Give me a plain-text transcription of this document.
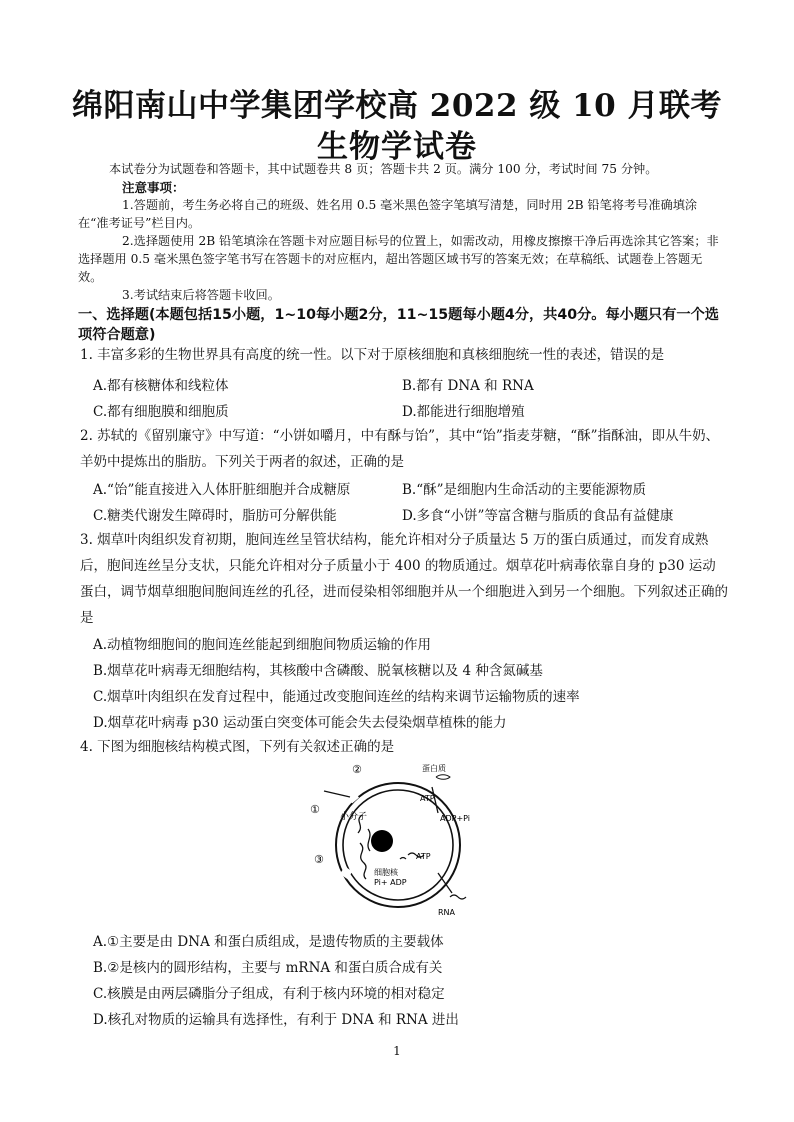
绵阳南山中学集团学校高 2022 级 10 月联考
生物学试卷
本试卷分为试题卷和答题卡，其中试题卷共 8 页；答题卡共 2 页。满分 100 分，考试时间 75 分钟。
注意事项：
1.答题前，考生务必将自己的班级、姓名用 0.5 毫米黑色签字笔填写清楚，同时用 2B 铅笔将考号准确填涂在“准考证号”栏目内。
2.选择题使用 2B 铅笔填涂在答题卡对应题目标号的位置上，如需改动，用橡皮擦擦干净后再选涂其它答案；非选择题用 0.5 毫米黑色签字笔书写在答题卡的对应框内，超出答题区域书写的答案无效；在草稿纸、试题卷上答题无效。
3.考试结束后将答题卡收回。
一、选择题(本题包括15小题，1~10每小题2分，11~15题每小题4分，共40分。每小题只有一个选项符合题意)
1. 丰富多彩的生物世界具有高度的统一性。以下对于原核细胞和真核细胞统一性的表述，错误的是
A.都有核糖体和线粒体	B.都有 DNA 和 RNA
C.都有细胞膜和细胞质	D.都能进行细胞增殖
2. 苏轼的《留别廉守》中写道：“小饼如嚼月，中有酥与饴”，其中“饴”指麦芽糖，“酥”指酥油，即从牛奶、羊奶中提炼出的脂肪。下列关于两者的叙述，正确的是
A.“饴”能直接进入人体肝脏细胞并合成糖原	B.“酥”是细胞内生命活动的主要能源物质
C.糖类代谢发生障碍时，脂肪可分解供能	D.多食“小饼”等富含糖与脂质的食品有益健康
3. 烟草叶肉组织发育初期，胞间连丝呈管状结构，能允许相对分子质量达 5 万的蛋白质通过，而发育成熟后，胞间连丝呈分支状，只能允许相对分子质量小于 400 的物质通过。烟草花叶病毒依靠自身的 p30 运动蛋白，调节烟草细胞间胞间连丝的孔径，进而侵染相邻细胞并从一个细胞进入到另一个细胞。下列叙述正确的是
A.动植物细胞间的胞间连丝能起到细胞间物质运输的作用
B.烟草花叶病毒无细胞结构，其核酸中含磷酸、脱氧核糖以及 4 种含氮碱基
C.烟草叶肉组织在发育过程中，能通过改变胞间连丝的结构来调节运输物质的速率
D.烟草花叶病毒 p30 运动蛋白突变体可能会失去侵染烟草植株的能力
4. 下图为细胞核结构模式图，下列有关叙述正确的是
②
①
③
小分子
蛋白质
ATP
ADP+Pi
ATP
细胞核
Pi+ ADP
RNA
A.①主要是由 DNA 和蛋白质组成，是遗传物质的主要载体
B.②是核内的圆形结构，主要与 mRNA 和蛋白质合成有关
C.核膜是由两层磷脂分子组成，有利于核内环境的相对稳定
D.核孔对物质的运输具有选择性，有利于 DNA 和 RNA 进出
1
